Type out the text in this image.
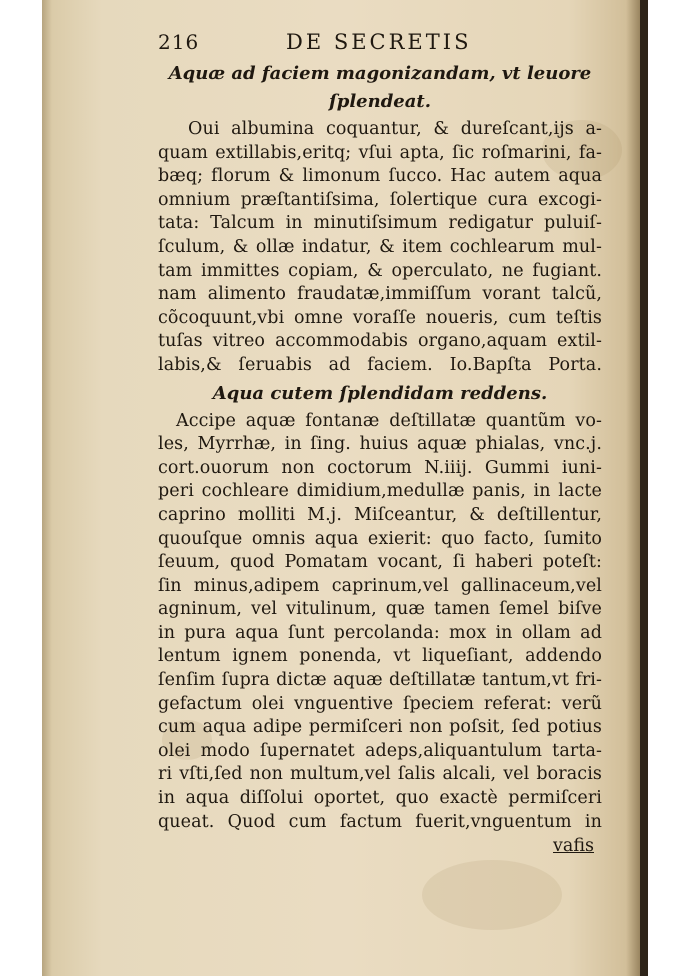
216	DE SECRETIS
Aquæ ad faciem magonizandam, vt leuore
ſplendeat.
Oui albumina coquantur, & dureſcant,ijs a-
quam extillabis,eritq; vſui apta, ſic roſmarini, fa-
bæq; florum & limonum ſucco. Hac autem aqua
omnium præſtantiſsima, ſolertique cura excogi-
tata: Talcum in minutiſsimum redigatur puluiſ-
ſculum, & ollæ indatur, & item cochlearum mul-
tam immittes copiam, & operculato, ne fugiant.
nam alimento fraudatæ,immiſſum vorant talcũ,
cõcoquunt,vbi omne voraſſe noueris, cum teſtis
tuſas vitreo accommodabis organo,aquam extil-
labis,& ſeruabis ad faciem. Io.Bapſta Porta.
Aqua cutem ſplendidam reddens.
Accipe aquæ fontanæ deſtillatæ quantũm vo-
les, Myrrhæ, in ſing. huius aquæ phialas, vnc.j.
cort.ouorum non coctorum N.iiij. Gummi iuni-
peri cochleare dimidium,medullæ panis, in lacte
caprino molliti M.j. Miſceantur, & deſtillentur,
quouſque omnis aqua exierit: quo facto, ſumito
ſeuum, quod Pomatam vocant, ſi haberi poteſt:
ſin minus,adipem caprinum,vel gallinaceum,vel
agninum, vel vitulinum, quæ tamen ſemel biſve
in pura aqua ſunt percolanda: mox in ollam ad
lentum ignem ponenda, vt liqueſiant, addendo
ſenſim ſupra dictæ aquæ deſtillatæ tantum,vt fri-
gefactum olei vnguentive ſpeciem referat: verũ
cum aqua adipe permiſceri non poſsit, ſed potius
olei modo ſupernatet adeps,aliquantulum tarta-
ri vſti,ſed non multum,vel ſalis alcali, vel boracis
in aqua diſſolui oportet, quo exactè permiſceri
queat. Quod cum factum fuerit,vnguentum in
vafis
